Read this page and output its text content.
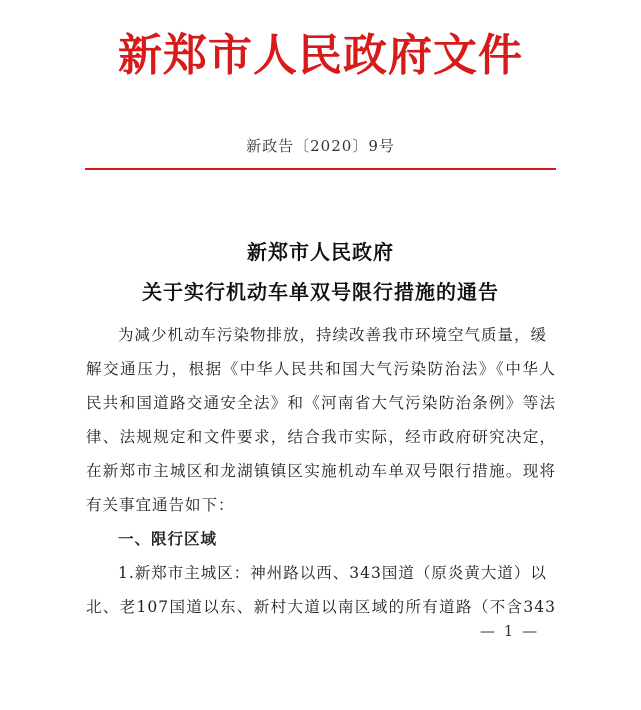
新郑市人民政府文件
新政告〔2020〕9号
新郑市人民政府
关于实行机动车单双号限行措施的通告
为减少机动车污染物排放，持续改善我市环境空气质量，缓
解交通压力，根据《中华人民共和国大气污染防治法》《中华人
民共和国道路交通安全法》和《河南省大气污染防治条例》等法
律、法规规定和文件要求，结合我市实际，经市政府研究决定，
在新郑市主城区和龙湖镇镇区实施机动车单双号限行措施。现将
有关事宜通告如下：
一、限行区域
1.新郑市主城区：神州路以西、343国道（原炎黄大道）以
北、老107国道以东、新村大道以南区域的所有道路（不含343
— 1 —
